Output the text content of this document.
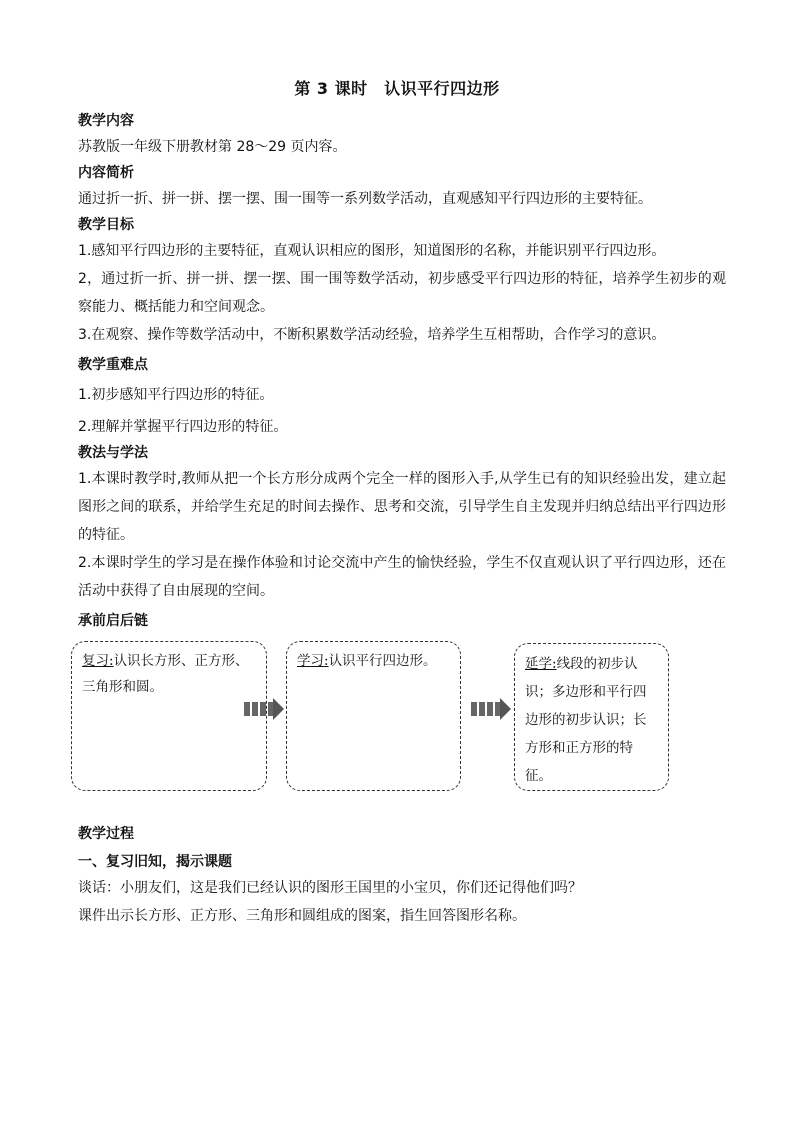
第 3 课时　认识平行四边形

教学内容

苏教版一年级下册教材第 28～29 页内容。

内容简析

通过折一折、拼一拼、摆一摆、围一围等一系列数学活动，直观感知平行四边形的主要特征。

教学目标

1.感知平行四边形的主要特征，直观认识相应的图形，知道图形的名称，并能识别平行四边形。

2，通过折一折、拼一拼、摆一摆、围一围等数学活动，初步感受平行四边形的特征，培养学生初步的观察能力、概括能力和空间观念。

3.在观察、操作等数学活动中，不断积累数学活动经验，培养学生互相帮助，合作学习的意识。

教学重难点

1.初步感知平行四边形的特征。

2.理解并掌握平行四边形的特征。

教法与学法

1.本课时教学时,教师从把一个长方形分成两个完全一样的图形入手,从学生已有的知识经验出发，建立起图形之间的联系，并给学生充足的时间去操作、思考和交流，引导学生自主发现并归纳总结出平行四边形的特征。

2.本课时学生的学习是在操作体验和讨论交流中产生的愉快经验，学生不仅直观认识了平行四边形，还在活动中获得了自由展现的空间。

承前启后链

复习:认识长方形、正方形、三角形和圆。
学习:认识平行四边形。	延学:线段的初步认识；多边形和平行四边形的初步认识；长方形和正方形的特征。

教学过程

一、复习旧知，揭示课题

谈话：小朋友们，这是我们已经认识的图形王国里的小宝贝，你们还记得他们吗？

课件出示长方形、正方形、三角形和圆组成的图案，指生回答图形名称。
